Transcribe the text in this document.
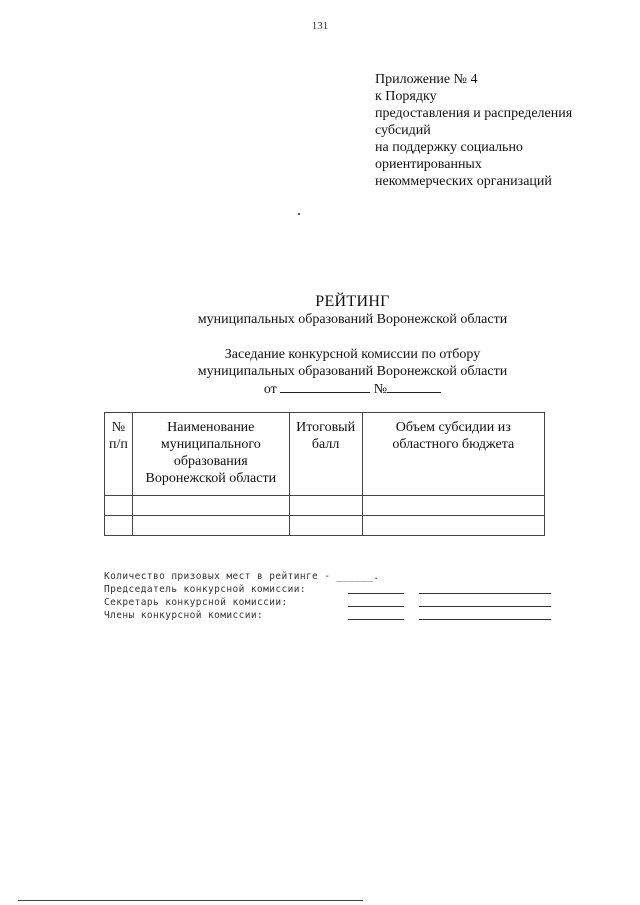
131
Приложение № 4
к Порядку
предоставления и распределения
субсидий
на поддержку социально
ориентированных
некоммерческих организаций
РЕЙТИНГ
муниципальных образований Воронежской области
Заседание конкурсной комиссии по отбору
муниципальных образований Воронежской области
от	№
№ п/п	Наименование муниципального образования Воронежской области	Итоговый балл	Объем субсидии из областного бюджета

Количество призовых мест в рейтинге - ______.
Председатель конкурсной комиссии:
Секретарь конкурсной комиссии:
Члены конкурсной комиссии:
